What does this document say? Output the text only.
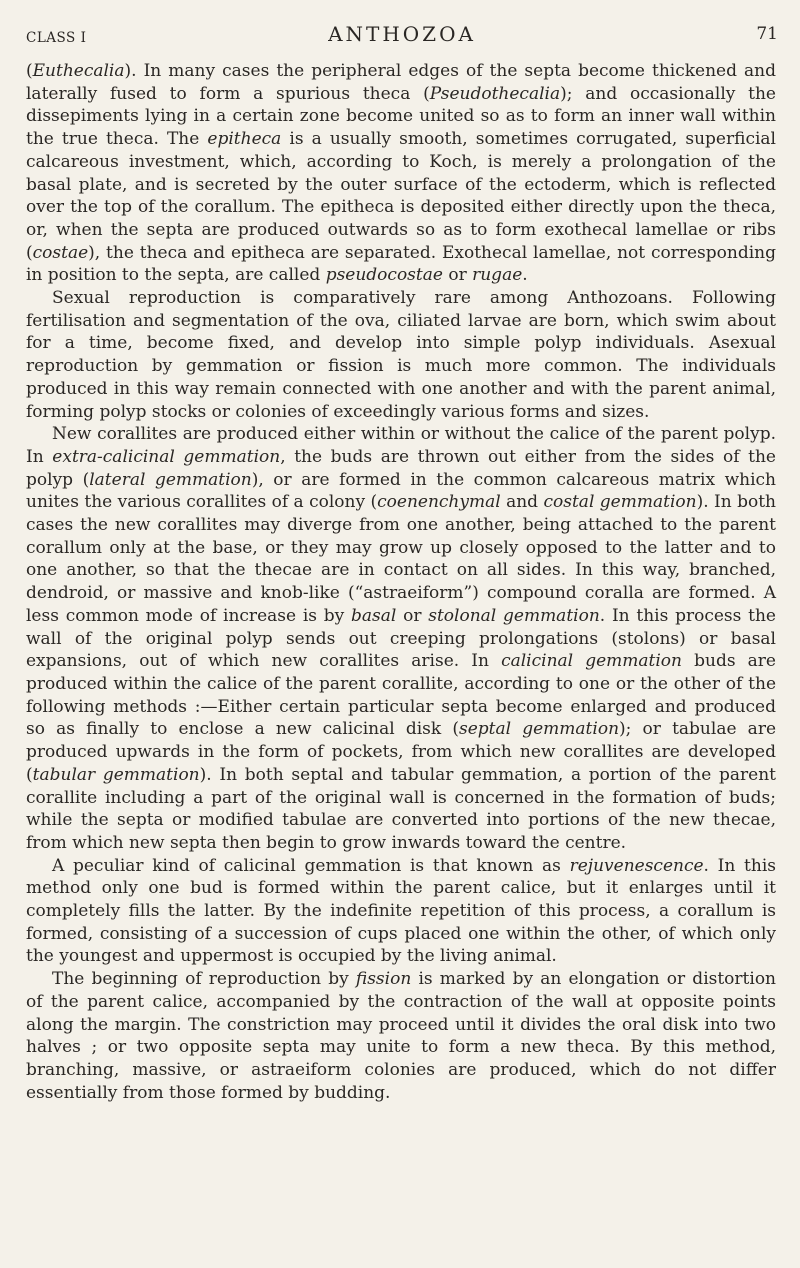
CLASS I	ANTHOZOA	71

(Euthecalia). In many cases the peripheral edges of the septa become thickened and laterally fused to form a spurious theca (Pseudothecalia); and occasionally the dissepiments lying in a certain zone become united so as to form an inner wall within the true theca. The epitheca is a usually smooth, sometimes corrugated, superficial calcareous investment, which, according to Koch, is merely a prolongation of the basal plate, and is secreted by the outer surface of the ectoderm, which is reflected over the top of the corallum. The epitheca is deposited either directly upon the theca, or, when the septa are produced outwards so as to form exothecal lamellae or ribs (costae), the theca and epitheca are separated. Exothecal lamellae, not corresponding in position to the septa, are called pseudocostae or rugae.

Sexual reproduction is comparatively rare among Anthozoans. Following fertilisation and segmentation of the ova, ciliated larvae are born, which swim about for a time, become fixed, and develop into simple polyp individuals. Asexual reproduction by gemmation or fission is much more common. The individuals produced in this way remain connected with one another and with the parent animal, forming polyp stocks or colonies of exceedingly various forms and sizes.

New corallites are produced either within or without the calice of the parent polyp. In extra-calicinal gemmation, the buds are thrown out either from the sides of the polyp (lateral gemmation), or are formed in the common calcareous matrix which unites the various corallites of a colony (coenenchymal and costal gemmation). In both cases the new corallites may diverge from one another, being attached to the parent corallum only at the base, or they may grow up closely opposed to the latter and to one another, so that the thecae are in contact on all sides. In this way, branched, dendroid, or massive and knob-like (“astraeiform”) compound coralla are formed. A less common mode of increase is by basal or stolonal gemmation. In this process the wall of the original polyp sends out creeping prolongations (stolons) or basal expansions, out of which new corallites arise. In calicinal gemmation buds are produced within the calice of the parent corallite, according to one or the other of the following methods :—Either certain particular septa become enlarged and produced so as finally to enclose a new calicinal disk (septal gemmation); or tabulae are produced upwards in the form of pockets, from which new corallites are developed (tabular gemmation). In both septal and tabular gemmation, a portion of the parent corallite including a part of the original wall is concerned in the formation of buds; while the septa or modified tabulae are converted into portions of the new thecae, from which new septa then begin to grow inwards toward the centre.

A peculiar kind of calicinal gemmation is that known as rejuvenescence. In this method only one bud is formed within the parent calice, but it enlarges until it completely fills the latter. By the indefinite repetition of this process, a corallum is formed, consisting of a succession of cups placed one within the other, of which only the youngest and uppermost is occupied by the living animal.

The beginning of reproduction by fission is marked by an elongation or distortion of the parent calice, accompanied by the contraction of the wall at opposite points along the margin. The constriction may proceed until it divides the oral disk into two halves ; or two opposite septa may unite to form a new theca. By this method, branching, massive, or astraeiform colonies are produced, which do not differ essentially from those formed by budding.
